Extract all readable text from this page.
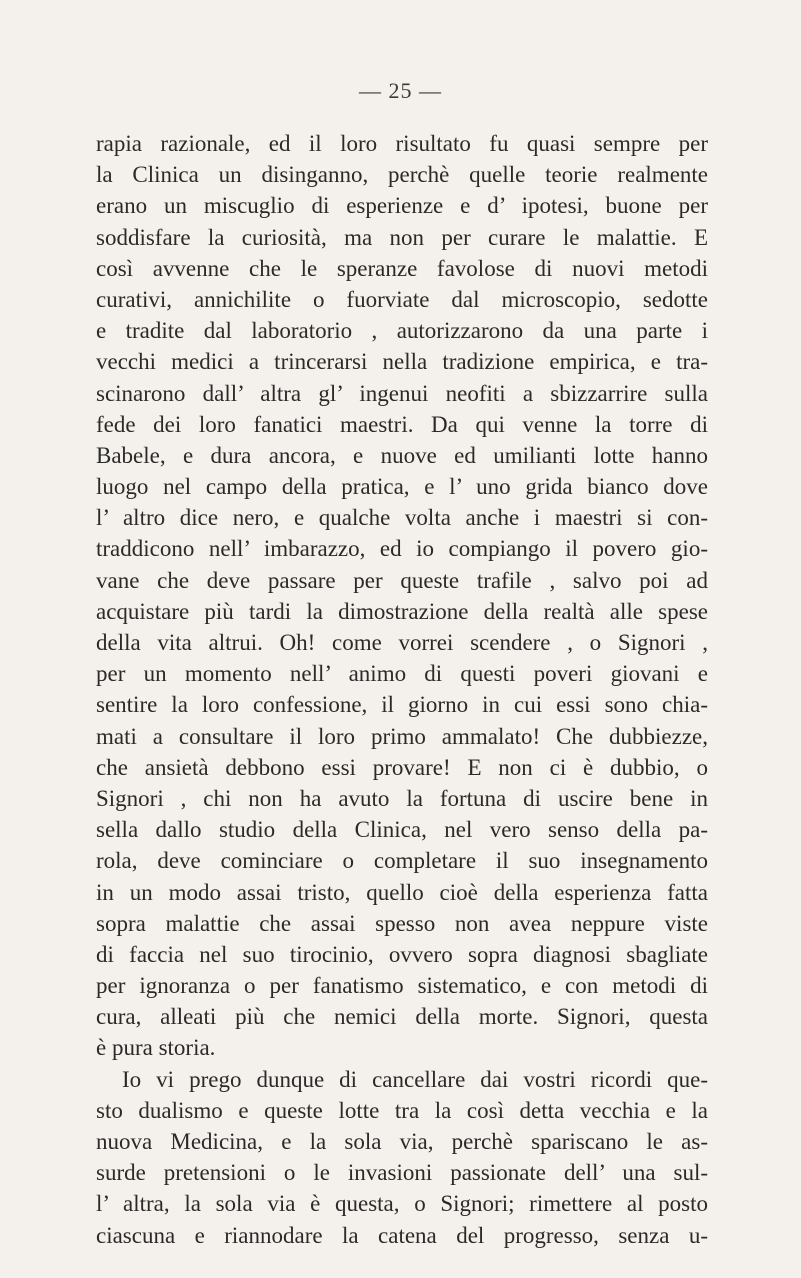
— 25 —
rapia razionale, ed il loro risultato fu quasi sempre per
la Clinica un disinganno, perchè quelle teorie realmente
erano un miscuglio di esperienze e d’ ipotesi, buone per
soddisfare la curiosità, ma non per curare le malattie. E
così avvenne che le speranze favolose di nuovi metodi
curativi, annichilite o fuorviate dal microscopio, sedotte
e tradite dal laboratorio , autorizzarono da una parte i
vecchi medici a trincerarsi nella tradizione empirica, e tra-
scinarono dall’ altra gl’ ingenui neofiti a sbizzarrire sulla
fede dei loro fanatici maestri. Da qui venne la torre di
Babele, e dura ancora, e nuove ed umilianti lotte hanno
luogo nel campo della pratica, e l’ uno grida bianco dove
l’ altro dice nero, e qualche volta anche i maestri si con-
traddicono nell’ imbarazzo, ed io compiango il povero gio-
vane che deve passare per queste trafile , salvo poi ad
acquistare più tardi la dimostrazione della realtà alle spese
della vita altrui. Oh! come vorrei scendere , o Signori ,
per un momento nell’ animo di questi poveri giovani e
sentire la loro confessione, il giorno in cui essi sono chia-
mati a consultare il loro primo ammalato! Che dubbiezze,
che ansietà debbono essi provare! E non ci è dubbio, o
Signori , chi non ha avuto la fortuna di uscire bene in
sella dallo studio della Clinica, nel vero senso della pa-
rola, deve cominciare o completare il suo insegnamento
in un modo assai tristo, quello cioè della esperienza fatta
sopra malattie che assai spesso non avea neppure viste
di faccia nel suo tirocinio, ovvero sopra diagnosi sbagliate
per ignoranza o per fanatismo sistematico, e con metodi di
cura, alleati più che nemici della morte. Signori, questa
è pura storia.
Io vi prego dunque di cancellare dai vostri ricordi que-
sto dualismo e queste lotte tra la così detta vecchia e la
nuova Medicina, e la sola via, perchè spariscano le as-
surde pretensioni o le invasioni passionate dell’ una sul-
l’ altra, la sola via è questa, o Signori; rimettere al posto
ciascuna e riannodare la catena del progresso, senza u-
